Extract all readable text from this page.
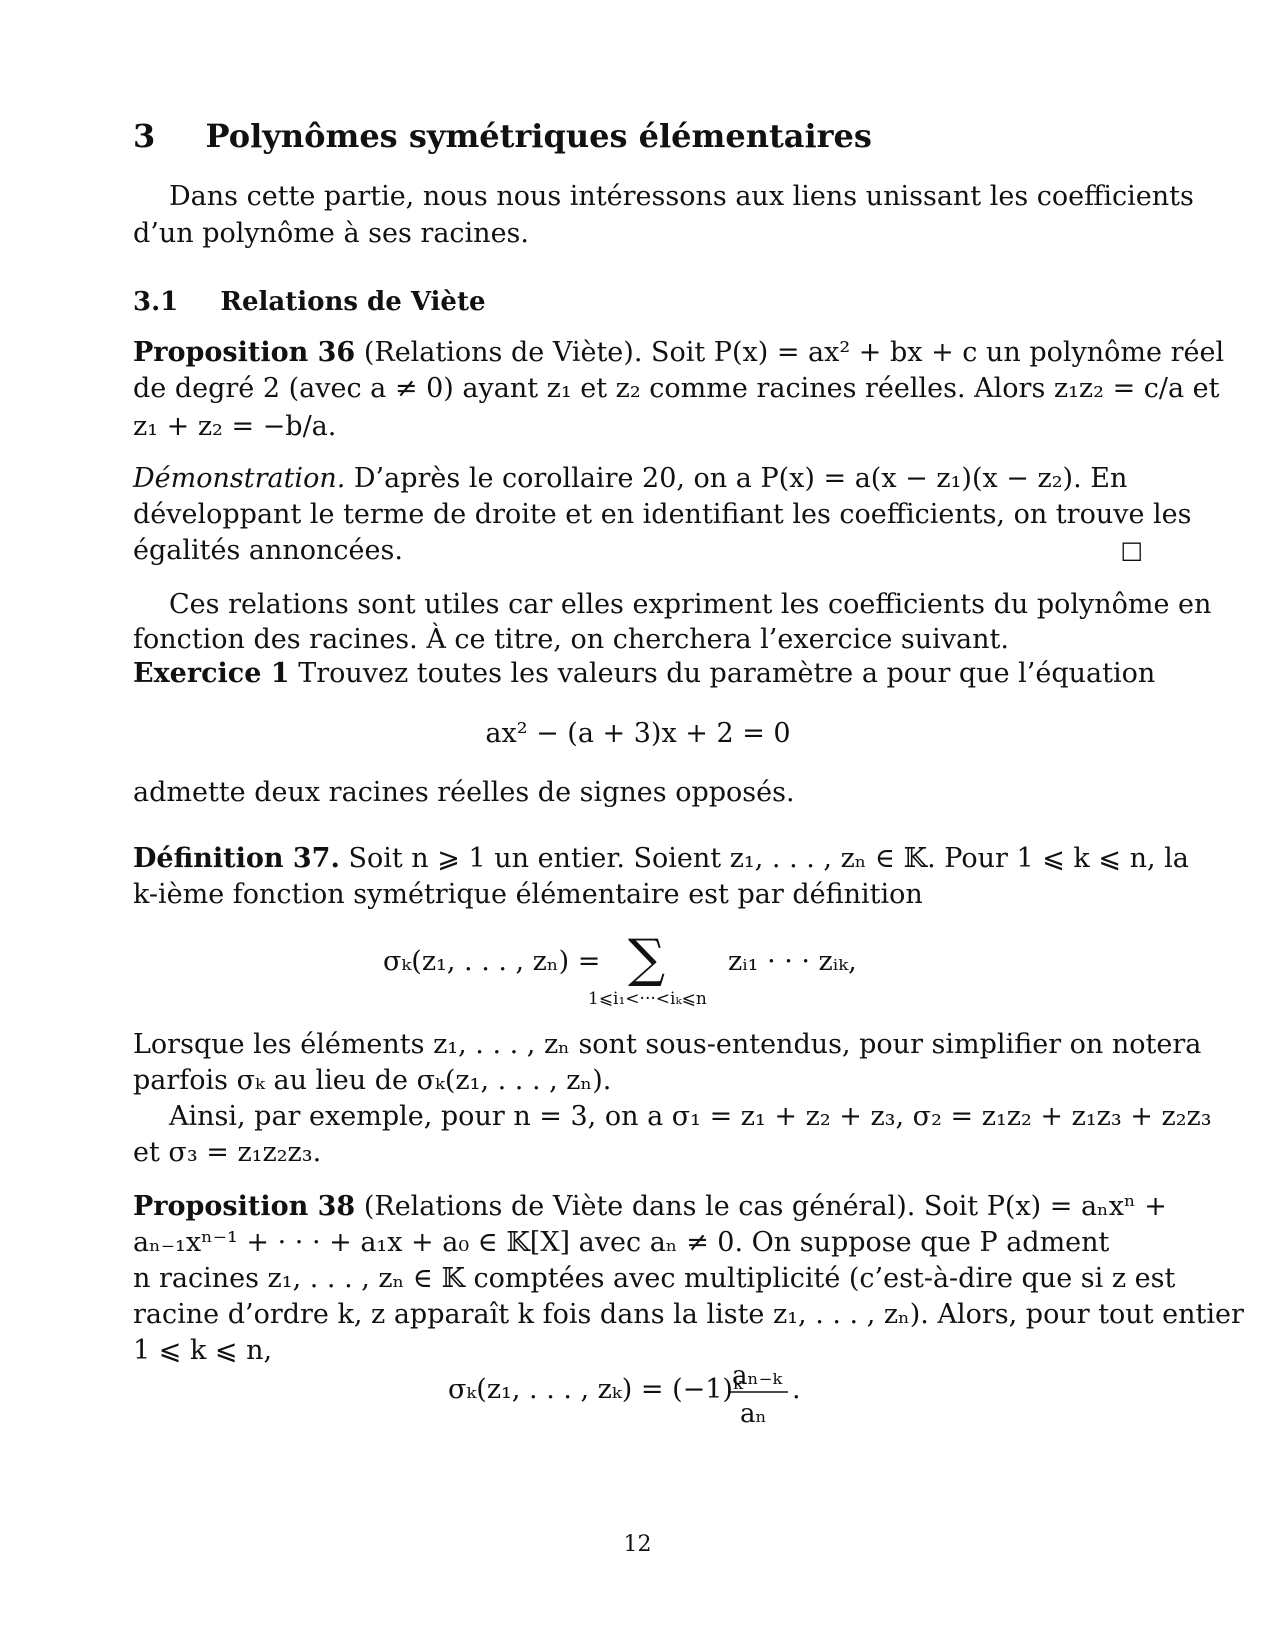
3 Polynômes symétriques élémentaires
Dans cette partie, nous nous intéressons aux liens unissant les coefficients
d’un polynôme à ses racines.
3.1 Relations de Viète
Proposition 36 (Relations de Viète). Soit P(x) = ax² + bx + c un polynôme réel
de degré 2 (avec a ≠ 0) ayant z₁ et z₂ comme racines réelles. Alors z₁z₂ = c/a et
z₁ + z₂ = −b/a.
Démonstration. D’après le corollaire 20, on a P(x) = a(x − z₁)(x − z₂). En
développant le terme de droite et en identifiant les coefficients, on trouve les
égalités annoncées.	□
Ces relations sont utiles car elles expriment les coefficients du polynôme en
fonction des racines. À ce titre, on cherchera l’exercice suivant.
Exercice 1 Trouvez toutes les valeurs du paramètre a pour que l’équation
ax² − (a + 3)x + 2 = 0
admette deux racines réelles de signes opposés.
Définition 37. Soit n ⩾ 1 un entier. Soient z₁, . . . , zₙ ∈ 𝕂. Pour 1 ⩽ k ⩽ n, la
k-ième fonction symétrique élémentaire est par définition
σₖ(z₁, . . . , zₙ) = ∑
1⩽i₁<···<iₖ⩽n
zᵢ₁ · · · zᵢₖ,
Lorsque les éléments z₁, . . . , zₙ sont sous-entendus, pour simplifier on notera
parfois σₖ au lieu de σₖ(z₁, . . . , zₙ).
Ainsi, par exemple, pour n = 3, on a σ₁ = z₁ + z₂ + z₃, σ₂ = z₁z₂ + z₁z₃ + z₂z₃
et σ₃ = z₁z₂z₃.
Proposition 38 (Relations de Viète dans le cas général). Soit P(x) = aₙxⁿ +
aₙ₋₁xⁿ⁻¹ + · · · + a₁x + a₀ ∈ 𝕂[X] avec aₙ ≠ 0. On suppose que P adment
n racines z₁, . . . , zₙ ∈ 𝕂 comptées avec multiplicité (c’est-à-dire que si z est
racine d’ordre k, z apparaît k fois dans la liste z₁, . . . , zₙ). Alors, pour tout entier
1 ⩽ k ⩽ n,
σₖ(z₁, . . . , zₖ) = (−1)ᵏ
aₙ₋ₖ
aₙ
.
12
